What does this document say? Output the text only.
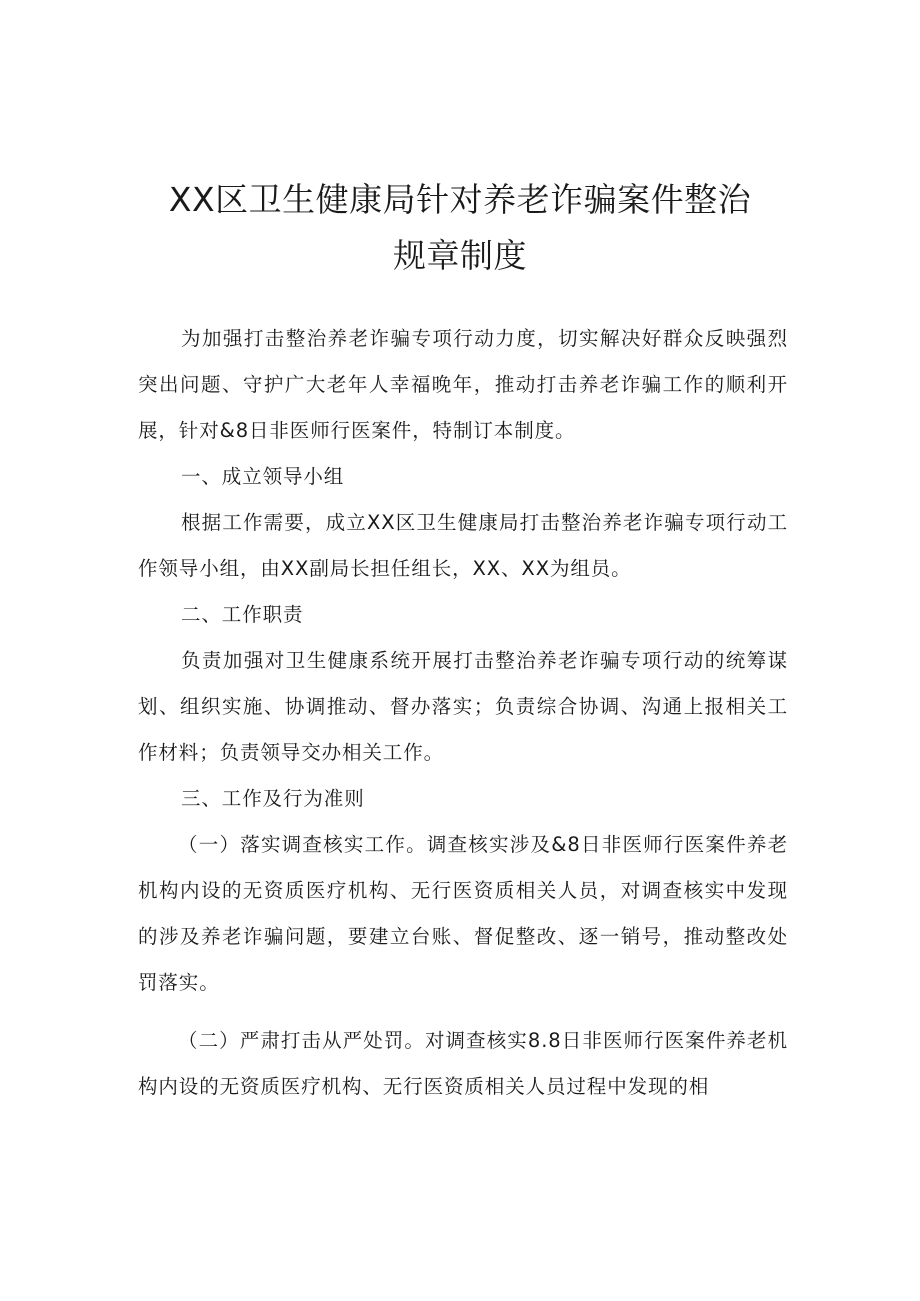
XX区卫生健康局针对养老诈骗案件整治
规章制度

为加强打击整治养老诈骗专项行动力度，切实解决好群众反映强烈突出问题、守护广大老年人幸福晚年，推动打击养老诈骗工作的顺利开展，针对&8日非医师行医案件，特制订本制度。

一、成立领导小组

根据工作需要，成立XX区卫生健康局打击整治养老诈骗专项行动工作领导小组，由XX副局长担任组长，XX、XX为组员。

二、工作职责

负责加强对卫生健康系统开展打击整治养老诈骗专项行动的统筹谋划、组织实施、协调推动、督办落实；负责综合协调、沟通上报相关工作材料；负责领导交办相关工作。

三、工作及行为准则

（一）落实调查核实工作。调查核实涉及&8日非医师行医案件养老机构内设的无资质医疗机构、无行医资质相关人员，对调查核实中发现的涉及养老诈骗问题，要建立台账、督促整改、逐一销号，推动整改处罚落实。

（二）严肃打击从严处罚。对调查核实8.8日非医师行医案件养老机构内设的无资质医疗机构、无行医资质相关人员过程中发现的相
